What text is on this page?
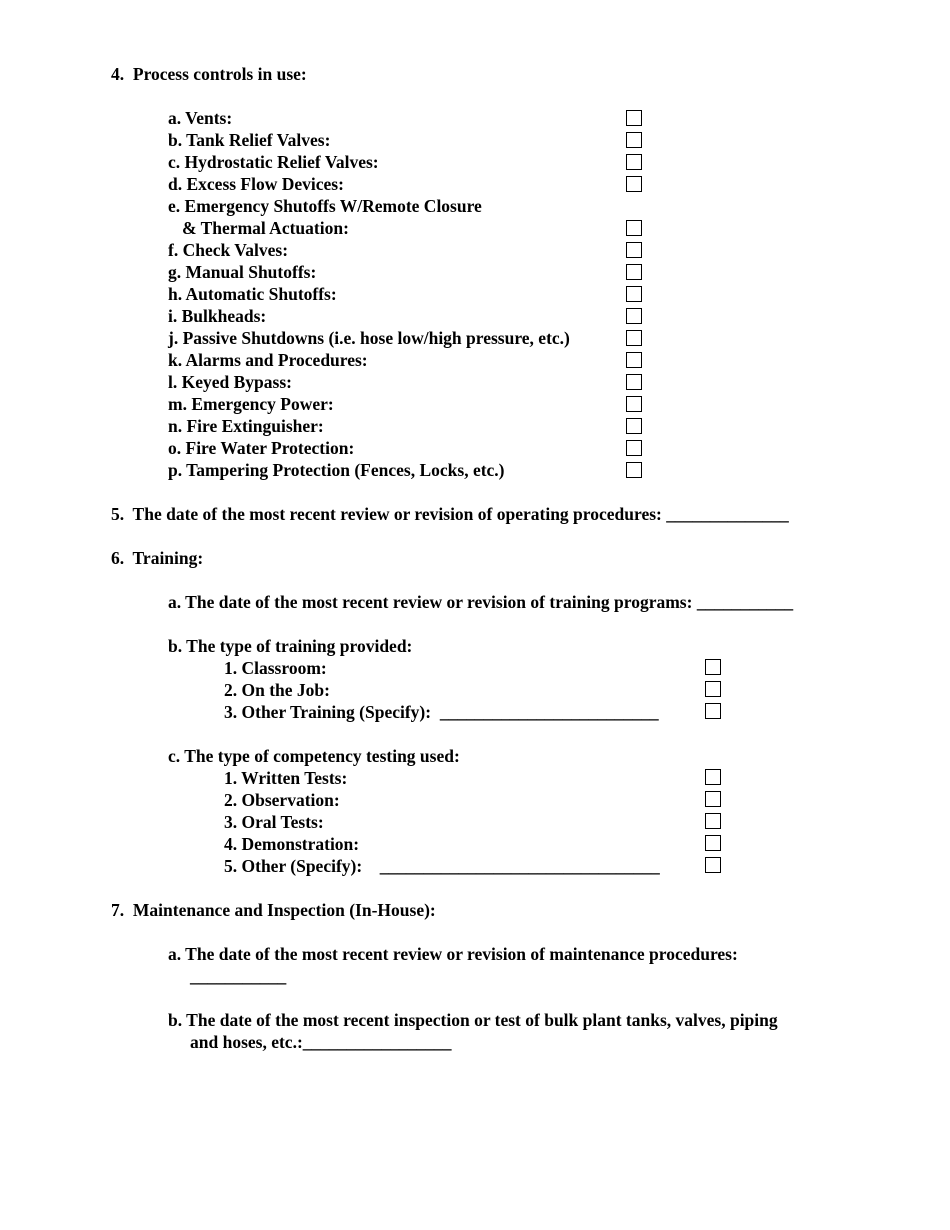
4.  Process controls in use:
a. Vents:
b. Tank Relief Valves:
c. Hydrostatic Relief Valves:
d. Excess Flow Devices:
e. Emergency Shutoffs W/Remote Closure
& Thermal Actuation:
f. Check Valves:
g. Manual Shutoffs:
h. Automatic Shutoffs:
i. Bulkheads:
j. Passive Shutdowns (i.e. hose low/high pressure, etc.)
k. Alarms and Procedures:
l. Keyed Bypass:
m. Emergency Power:
n. Fire Extinguisher:
o. Fire Water Protection:
p. Tampering Protection (Fences, Locks, etc.)
5.  The date of the most recent review or revision of operating procedures: ______________
6.  Training:
a. The date of the most recent review or revision of training programs: ___________
b. The type of training provided:
1. Classroom:
2. On the Job:
3. Other Training (Specify):  _________________________
c. The type of competency testing used:
1. Written Tests:
2. Observation:
3. Oral Tests:
4. Demonstration:
5. Other (Specify):    ________________________________
7.  Maintenance and Inspection (In-House):
a. The date of the most recent review or revision of maintenance procedures:
___________
b. The date of the most recent inspection or test of bulk plant tanks, valves, piping
and hoses, etc.:_________________
